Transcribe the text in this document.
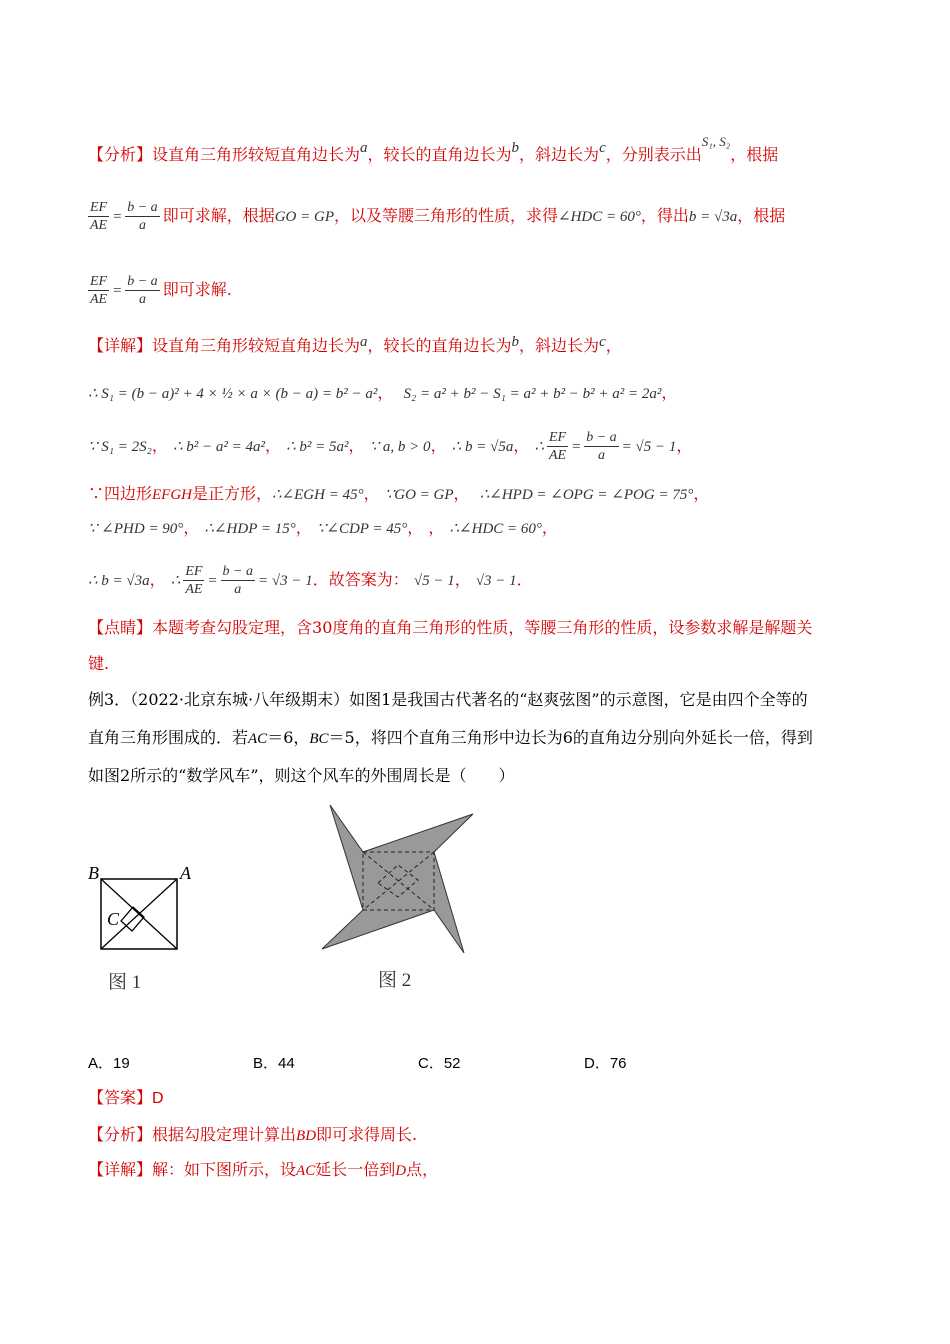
【分析】设直角三角形较短直角边长为a，较长的直角边长为b，斜边长为c，分别表示出$^{S_1, S_2}$，根据
$\frac{EF}{AE} = \frac{b - a}{a}$ 即可求解，根据GO = GP，以及等腰三角形的性质，求得∠HDC = 60°，得出b = √3a，根据
$\frac{EF}{AE} = \frac{b - a}{a}$ 即可求解.
【详解】设直角三角形较短直角边长为a，较长的直角边长为b，斜边长为c，
∴ S₁ = (b − a)² + 4 × ½ × a × (b − a) = b² − a²， S₂ = a² + b² − S₁ = a² + b² − b² + a² = 2a²，
∵ S₁ = 2S₂， ∴ b² − a² = 4a²， ∴ b² = 5a²， ∵ a, b > 0， ∴ b = √5a， ∴ $\frac{EF}{AE} = \frac{b - a}{a} = √5 - 1$，
∵四边形EFGH是正方形，∴∠EGH = 45°， ∵GO = GP， ∴∠HPD = ∠OPG = ∠POG = 75°，
∵ ∠PHD = 90°， ∴∠HDP = 15°， ∵∠CDP = 45°， ， ∴∠HDC = 60°，
∴ b = √3a， ∴ $\frac{EF}{AE} = \frac{b - a}{a} = √3 - 1$．故答案为： √5 − 1， √3 − 1．
【点睛】本题考查勾股定理，含30度角的直角三角形的性质，等腰三角形的性质，设参数求解是解题关
键.
例3．（2022·北京东城·八年级期末）如图1是我国古代著名的“赵爽弦图”的示意图，它是由四个全等的
直角三角形围成的．若AC＝6，BC＝5，将四个直角三角形中边长为6的直角边分别向外延长一倍，得到
如图2所示的“数学风车”，则这个风车的外围周长是（　　）
B	A
C
图 1	图 2
A．19	B．44	C．52	D．76
【答案】D
【分析】根据勾股定理计算出BD即可求得周长.
【详解】解：如下图所示，设AC延长一倍到D点，
